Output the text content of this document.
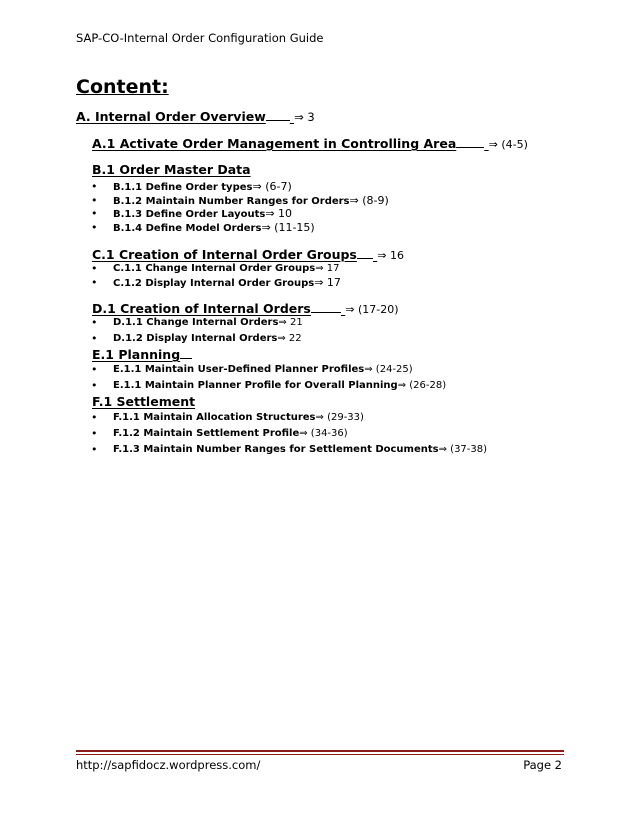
SAP-CO-Internal Order Configuration Guide
Content:
A. Internal Order Overview ⇒ 3
A.1 Activate Order Management in Controlling Area	⇒ (4-5)
B.1 Order Master Data
• B.1.1 Define Order types⇒ (6-7)
• B.1.2 Maintain Number Ranges for Orders⇒ (8-9)
• B.1.3 Define Order Layouts⇒ 10
• B.1.4 Define Model Orders⇒ (11-15)
C.1 Creation of Internal Order Groups ⇒ 16
• C.1.1 Change Internal Order Groups⇒ 17
• C.1.2 Display Internal Order Groups⇒ 17
D.1 Creation of Internal Orders	⇒ (17-20)
• D.1.1 Change Internal Orders⇒ 21
• D.1.2 Display Internal Orders⇒ 22
E.1 Planning
• E.1.1 Maintain User-Defined Planner Profiles⇒ (24-25)
• E.1.1 Maintain Planner Profile for Overall Planning⇒ (26-28)
F.1 Settlement
• F.1.1 Maintain Allocation Structures⇒ (29-33)
• F.1.2 Maintain Settlement Profile⇒ (34-36)
• F.1.3 Maintain Number Ranges for Settlement Documents⇒ (37-38)
http://sapfidocz.wordpress.com/	Page 2
